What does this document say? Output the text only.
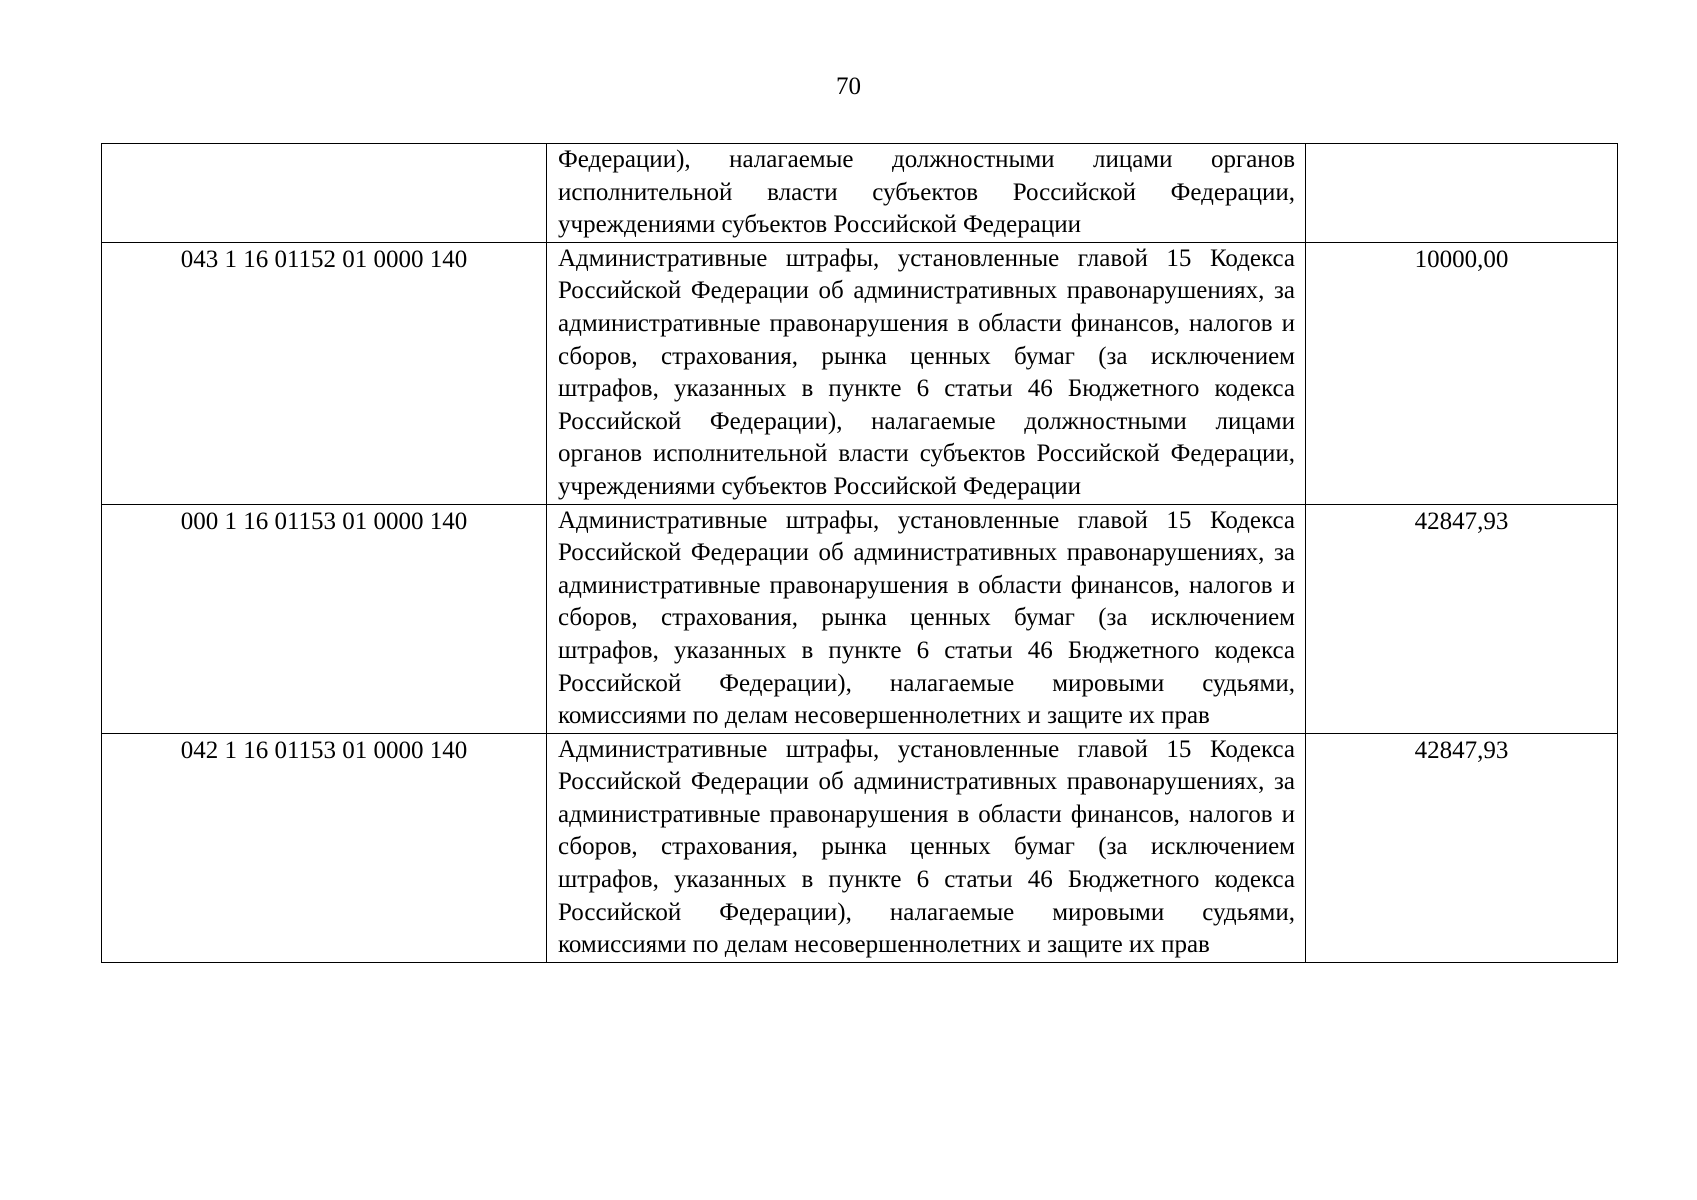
70
	Федерации), налагаемые должностными лицами органов исполнительной власти субъектов Российской Федерации, учреждениями субъектов Российской Федерации	
043 1 16 01152 01 0000 140	Административные штрафы, установленные главой 15 Кодекса Российской Федерации об административных правонарушениях, за административные правонарушения в области финансов, налогов и сборов, страхования, рынка ценных бумаг (за исключением штрафов, указанных в пункте 6 статьи 46 Бюджетного кодекса Российской Федерации), налагаемые должностными лицами органов исполнительной власти субъектов Российской Федерации, учреждениями субъектов Российской Федерации	10000,00
000 1 16 01153 01 0000 140	Административные штрафы, установленные главой 15 Кодекса Российской Федерации об административных правонарушениях, за административные правонарушения в области финансов, налогов и сборов, страхования, рынка ценных бумаг (за исключением штрафов, указанных в пункте 6 статьи 46 Бюджетного кодекса Российской Федерации), налагаемые мировыми судьями, комиссиями по делам несовершеннолетних и защите их прав	42847,93
042 1 16 01153 01 0000 140	Административные штрафы, установленные главой 15 Кодекса Российской Федерации об административных правонарушениях, за административные правонарушения в области финансов, налогов и сборов, страхования, рынка ценных бумаг (за исключением штрафов, указанных в пункте 6 статьи 46 Бюджетного кодекса Российской Федерации), налагаемые мировыми судьями, комиссиями по делам несовершеннолетних и защите их прав	42847,93
